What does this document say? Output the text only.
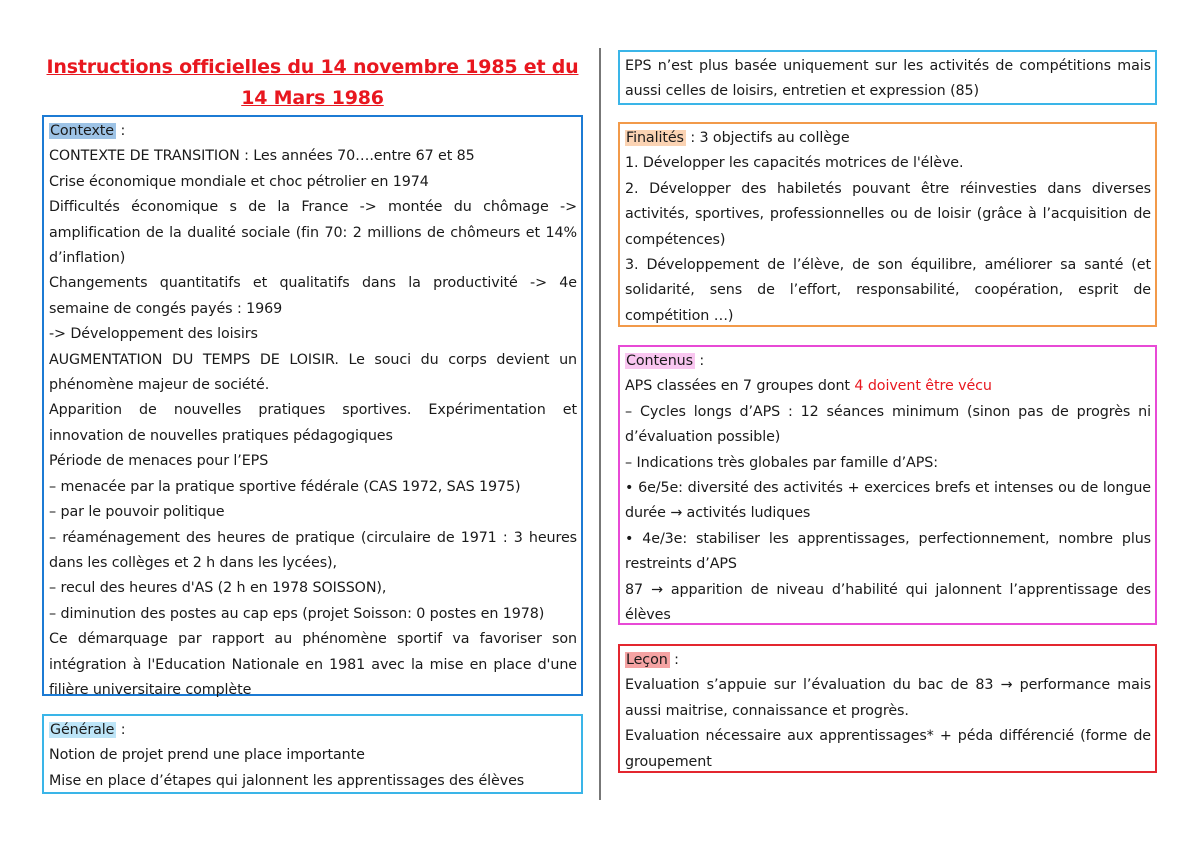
Instructions officielles du 14 novembre 1985 et du 14 Mars 1986

Contexte :

CONTEXTE DE TRANSITION : Les années 70….entre 67 et 85

Crise économique mondiale et choc pétrolier en 1974

Difficultés économique s de la France -> montée du chômage -> amplification de la dualité sociale (fin 70: 2 millions de chômeurs et 14% d’inflation)

Changements quantitatifs et qualitatifs dans la productivité -> 4e semaine de congés payés : 1969

-> Développement des loisirs

AUGMENTATION DU TEMPS DE LOISIR. Le souci du corps devient un phénomène majeur de société.

Apparition de nouvelles pratiques sportives. Expérimentation et innovation de nouvelles pratiques pédagogiques

Période de menaces pour l’EPS

– menacée par la pratique sportive fédérale (CAS 1972, SAS 1975)

– par le pouvoir politique

– réaménagement des heures de pratique (circulaire de 1971 : 3 heures dans les collèges et 2 h dans les lycées),

– recul des heures d'AS (2 h en 1978 SOISSON),

– diminution des postes au cap eps (projet Soisson: 0 postes en 1978)

Ce démarquage par rapport au phénomène sportif va favoriser son intégration à l'Education Nationale en 1981 avec la mise en place d'une filière universitaire complète

Générale :

Notion de projet prend une place importante

Mise en place d’étapes qui jalonnent les apprentissages des élèves

EPS n’est plus basée uniquement sur les activités de compétitions mais aussi celles de loisirs, entretien et expression (85)

Finalités : 3 objectifs au collège

1. Développer les capacités motrices de l'élève.

2. Développer des habiletés pouvant être réinvesties dans diverses activités, sportives, professionnelles ou de loisir (grâce à l’acquisition de compétences)

3. Développement de l’élève, de son équilibre, améliorer sa santé (et solidarité, sens de l’effort, responsabilité, coopération, esprit de compétition …)

Contenus :

APS classées en 7 groupes dont 4 doivent être vécu

– Cycles longs d’APS : 12 séances minimum (sinon pas de progrès ni d’évaluation possible)

– Indications très globales par famille d’APS:

• 6e/5e: diversité des activités + exercices brefs et intenses ou de longue durée → activités ludiques

• 4e/3e: stabiliser les apprentissages, perfectionnement, nombre plus restreints d’APS

87 → apparition de niveau d’habilité qui jalonnent l’apprentissage des élèves

Leçon :

Evaluation s’appuie sur l’évaluation du bac de 83 → performance mais aussi maitrise, connaissance et progrès.

Evaluation nécessaire aux apprentissages* + péda différencié (forme de groupement
